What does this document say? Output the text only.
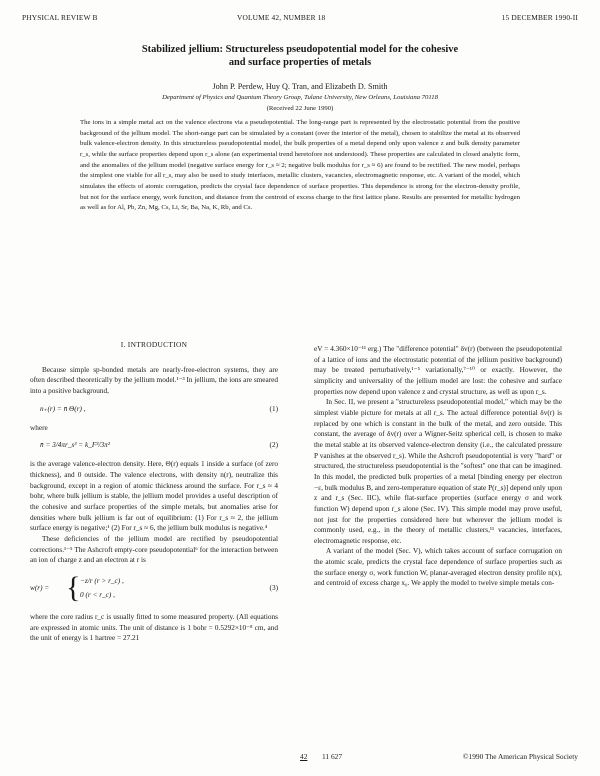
PHYSICAL REVIEW B	VOLUME 42, NUMBER 18	15 DECEMBER 1990-II
Stabilized jellium: Structureless pseudopotential model for the cohesive
and surface properties of metals
John P. Perdew, Huy Q. Tran, and Elizabeth D. Smith
Department of Physics and Quantum Theory Group, Tulane University, New Orleans, Louisiana 70118
(Received 22 June 1990)

The ions in a simple metal act on the valence electrons via a pseudopotential. The long-range part is represented by the electrostatic potential from the positive background of the jellium model. The short-range part can be simulated by a constant (over the interior of the metal), chosen to stabilize the metal at its observed bulk valence-electron density. In this structureless pseudopotential model, the bulk properties of a metal depend only upon valence z and bulk density parameter r_s, while the surface properties depend upon r_s alone (an experimental trend heretofore not understood). These properties are calculated in closed analytic form, and the anomalies of the jellium model (negative surface energy for r_s ≈ 2; negative bulk modulus for r_s ≈ 6) are found to be rectified. The new model, perhaps the simplest one viable for all r_s, may also be used to study interfaces, metallic clusters, vacancies, electromagnetic response, etc. A variant of the model, which simulates the effects of atomic corrugation, predicts the crystal face dependence of surface properties. This dependence is strong for the electron-density profile, but not for the surface energy, work function, and distance from the centroid of excess charge to the first lattice plane. Results are presented for metallic hydrogen as well as for Al, Pb, Zn, Mg, Cs, Li, Sr, Ba, Na, K, Rb, and Cs.

I. INTRODUCTION

Because simple sp-bonded metals are nearly-free-electron systems, they are often described theoretically by the jellium model.¹⁻³ In jellium, the ions are smeared into a positive background,

n₊(r) = n̄ Θ(r) ,	(1)

where

n̄ = 3/4πr_s³ = k_F³/3π²	(2)

is the average valence-electron density. Here, Θ(r) equals 1 inside a surface (of zero thickness), and 0 outside. The valence electrons, with density n(r), neutralize this background, except in a region of atomic thickness around the surface. For r_s ≈ 4 bohr, where bulk jellium is stable, the jellium model provides a useful description of the cohesive and surface properties of the simple metals, but anomalies arise for densities where bulk jellium is far out of equilibrium: (1) For r_s ≈ 2, the jellium surface energy is negative;¹ (2) For r_s ≈ 6, the jellium bulk modulus is negative.⁴

These deficiencies of the jellium model are rectified by pseudopotential corrections.¹⁻⁵ The Ashcroft empty-core pseudopotential⁶ for the interaction between an ion of charge z and an electron at r is

w(r) = { −z/r (r > r_c) ,
0 (r < r_c) ,
(3)

where the core radius r_c is usually fitted to some measured property. (All equations are expressed in atomic units. The unit of distance is 1 bohr = 0.5292×10⁻⁸ cm, and the unit of energy is 1 hartree = 27.21

eV = 4.360×10⁻¹¹ erg.) The "difference potential" δv(r) (between the pseudopotential of a lattice of ions and the electrostatic potential of the jellium positive background) may be treated perturbatively,¹⁻⁵ variationally,⁷⁻¹⁰ or exactly. However, the simplicity and universality of the jellium model are lost: the cohesive and surface properties now depend upon valence z and crystal structure, as well as upon r_s.

In Sec. II, we present a "structureless pseudopotential model," which may be the simplest viable picture for metals at all r_s. The actual difference potential δv(r) is replaced by one which is constant in the bulk of the metal, and zero outside. This constant, the average of δv(r) over a Wigner-Seitz spherical cell, is chosen to make the metal stable at its observed valence-electron density (i.e., the calculated pressure P vanishes at the observed r_s). While the Ashcroft pseudopotential is very "hard" or structured, the structureless pseudopotential is the "softest" one that can be imagined. In this model, the predicted bulk properties of a metal [binding energy per electron −ε, bulk modulus B, and zero-temperature equation of state P(r_s)] depend only upon z and r_s (Sec. IIC), while flat-surface properties (surface energy σ and work function W) depend upon r_s alone (Sec. IV). This simple model may prove useful, not just for the properties considered here but wherever the jellium model is commonly used, e.g., in the theory of metallic clusters,¹¹ vacancies, interfaces, electromagnetic response, etc.

A variant of the model (Sec. V), which takes account of surface corrugation on the atomic scale, predicts the crystal face dependence of surface properties such as the surface energy σ, work function W, planar-averaged electron density profile n(x), and centroid of excess charge x₀. We apply the model to twelve simple metals con-

42 11 627	©1990 The American Physical Society
